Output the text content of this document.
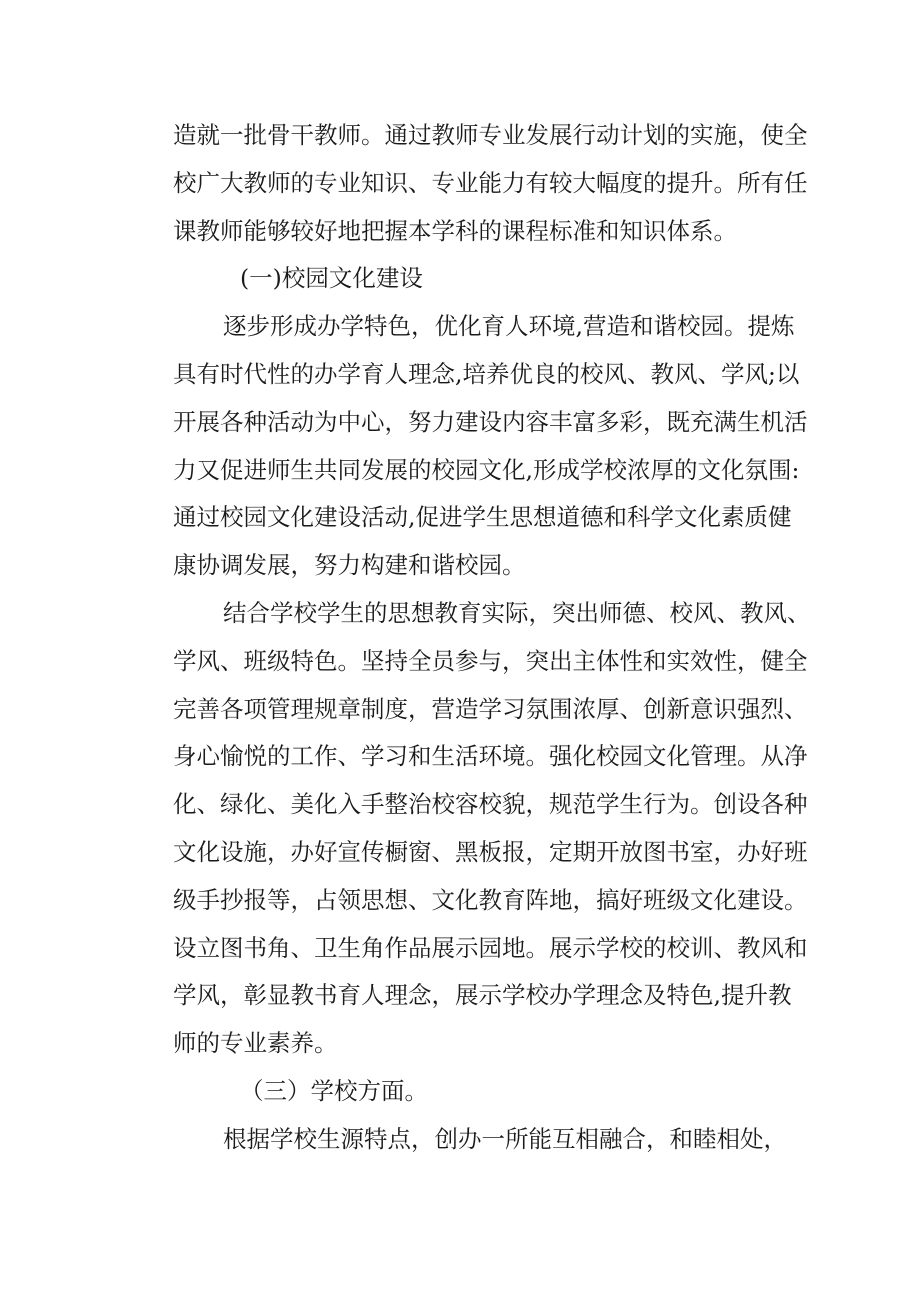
造就一批骨干教师。通过教师专业发展行动计划的实施，使全
校广大教师的专业知识、专业能力有较大幅度的提升。所有任
课教师能够较好地把握本学科的课程标准和知识体系。
(一)校园文化建设
逐步形成办学特色，优化育人环境,营造和谐校园。提炼
具有时代性的办学育人理念,培养优良的校风、教风、学风;以
开展各种活动为中心，努力建设内容丰富多彩，既充满生机活
力又促进师生共同发展的校园文化,形成学校浓厚的文化氛围:
通过校园文化建设活动,促进学生思想道德和科学文化素质健
康协调发展，努力构建和谐校园。
结合学校学生的思想教育实际，突出师德、校风、教风、
学风、班级特色。坚持全员参与，突出主体性和实效性，健全
完善各项管理规章制度，营造学习氛围浓厚、创新意识强烈、
身心愉悦的工作、学习和生活环境。强化校园文化管理。从净
化、绿化、美化入手整治校容校貌，规范学生行为。创设各种
文化设施，办好宣传橱窗、黑板报，定期开放图书室，办好班
级手抄报等，占领思想、文化教育阵地，搞好班级文化建设。
设立图书角、卫生角作品展示园地。展示学校的校训、教风和
学风，彰显教书育人理念，展示学校办学理念及特色,提升教
师的专业素养。
（三）学校方面。
根据学校生源特点，创办一所能互相融合，和睦相处，
